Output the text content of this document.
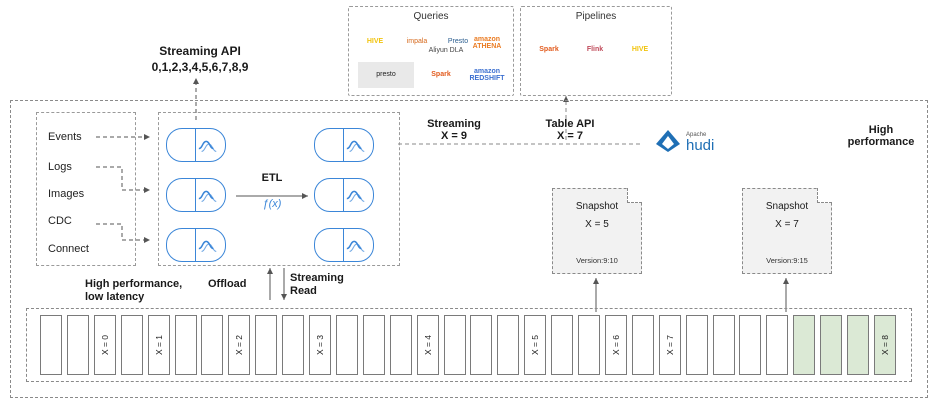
Queries
HIVE	impala	Presto
Aliyun DLA
amazon ATHENA
presto	Spark
amazon REDSHIFT
Pipelines
Spark	Flink	HIVE
Streaming API
0,1,2,3,4,5,6,7,8,9
Events
Logs
Images
CDC
Connect
ETL
ƒ(x)
Streaming
X = 9
Table API
X = 7	Apache
hudi
High
performance
Snapshot
X = 5
Version:9:10
Snapshot
X = 7
Version:9:15
Offload	Streaming
Read
High performance,
low latency
X = 0	X = 1	X = 2	X = 3	X = 4	X = 5	X = 6	X = 7	X = 8
